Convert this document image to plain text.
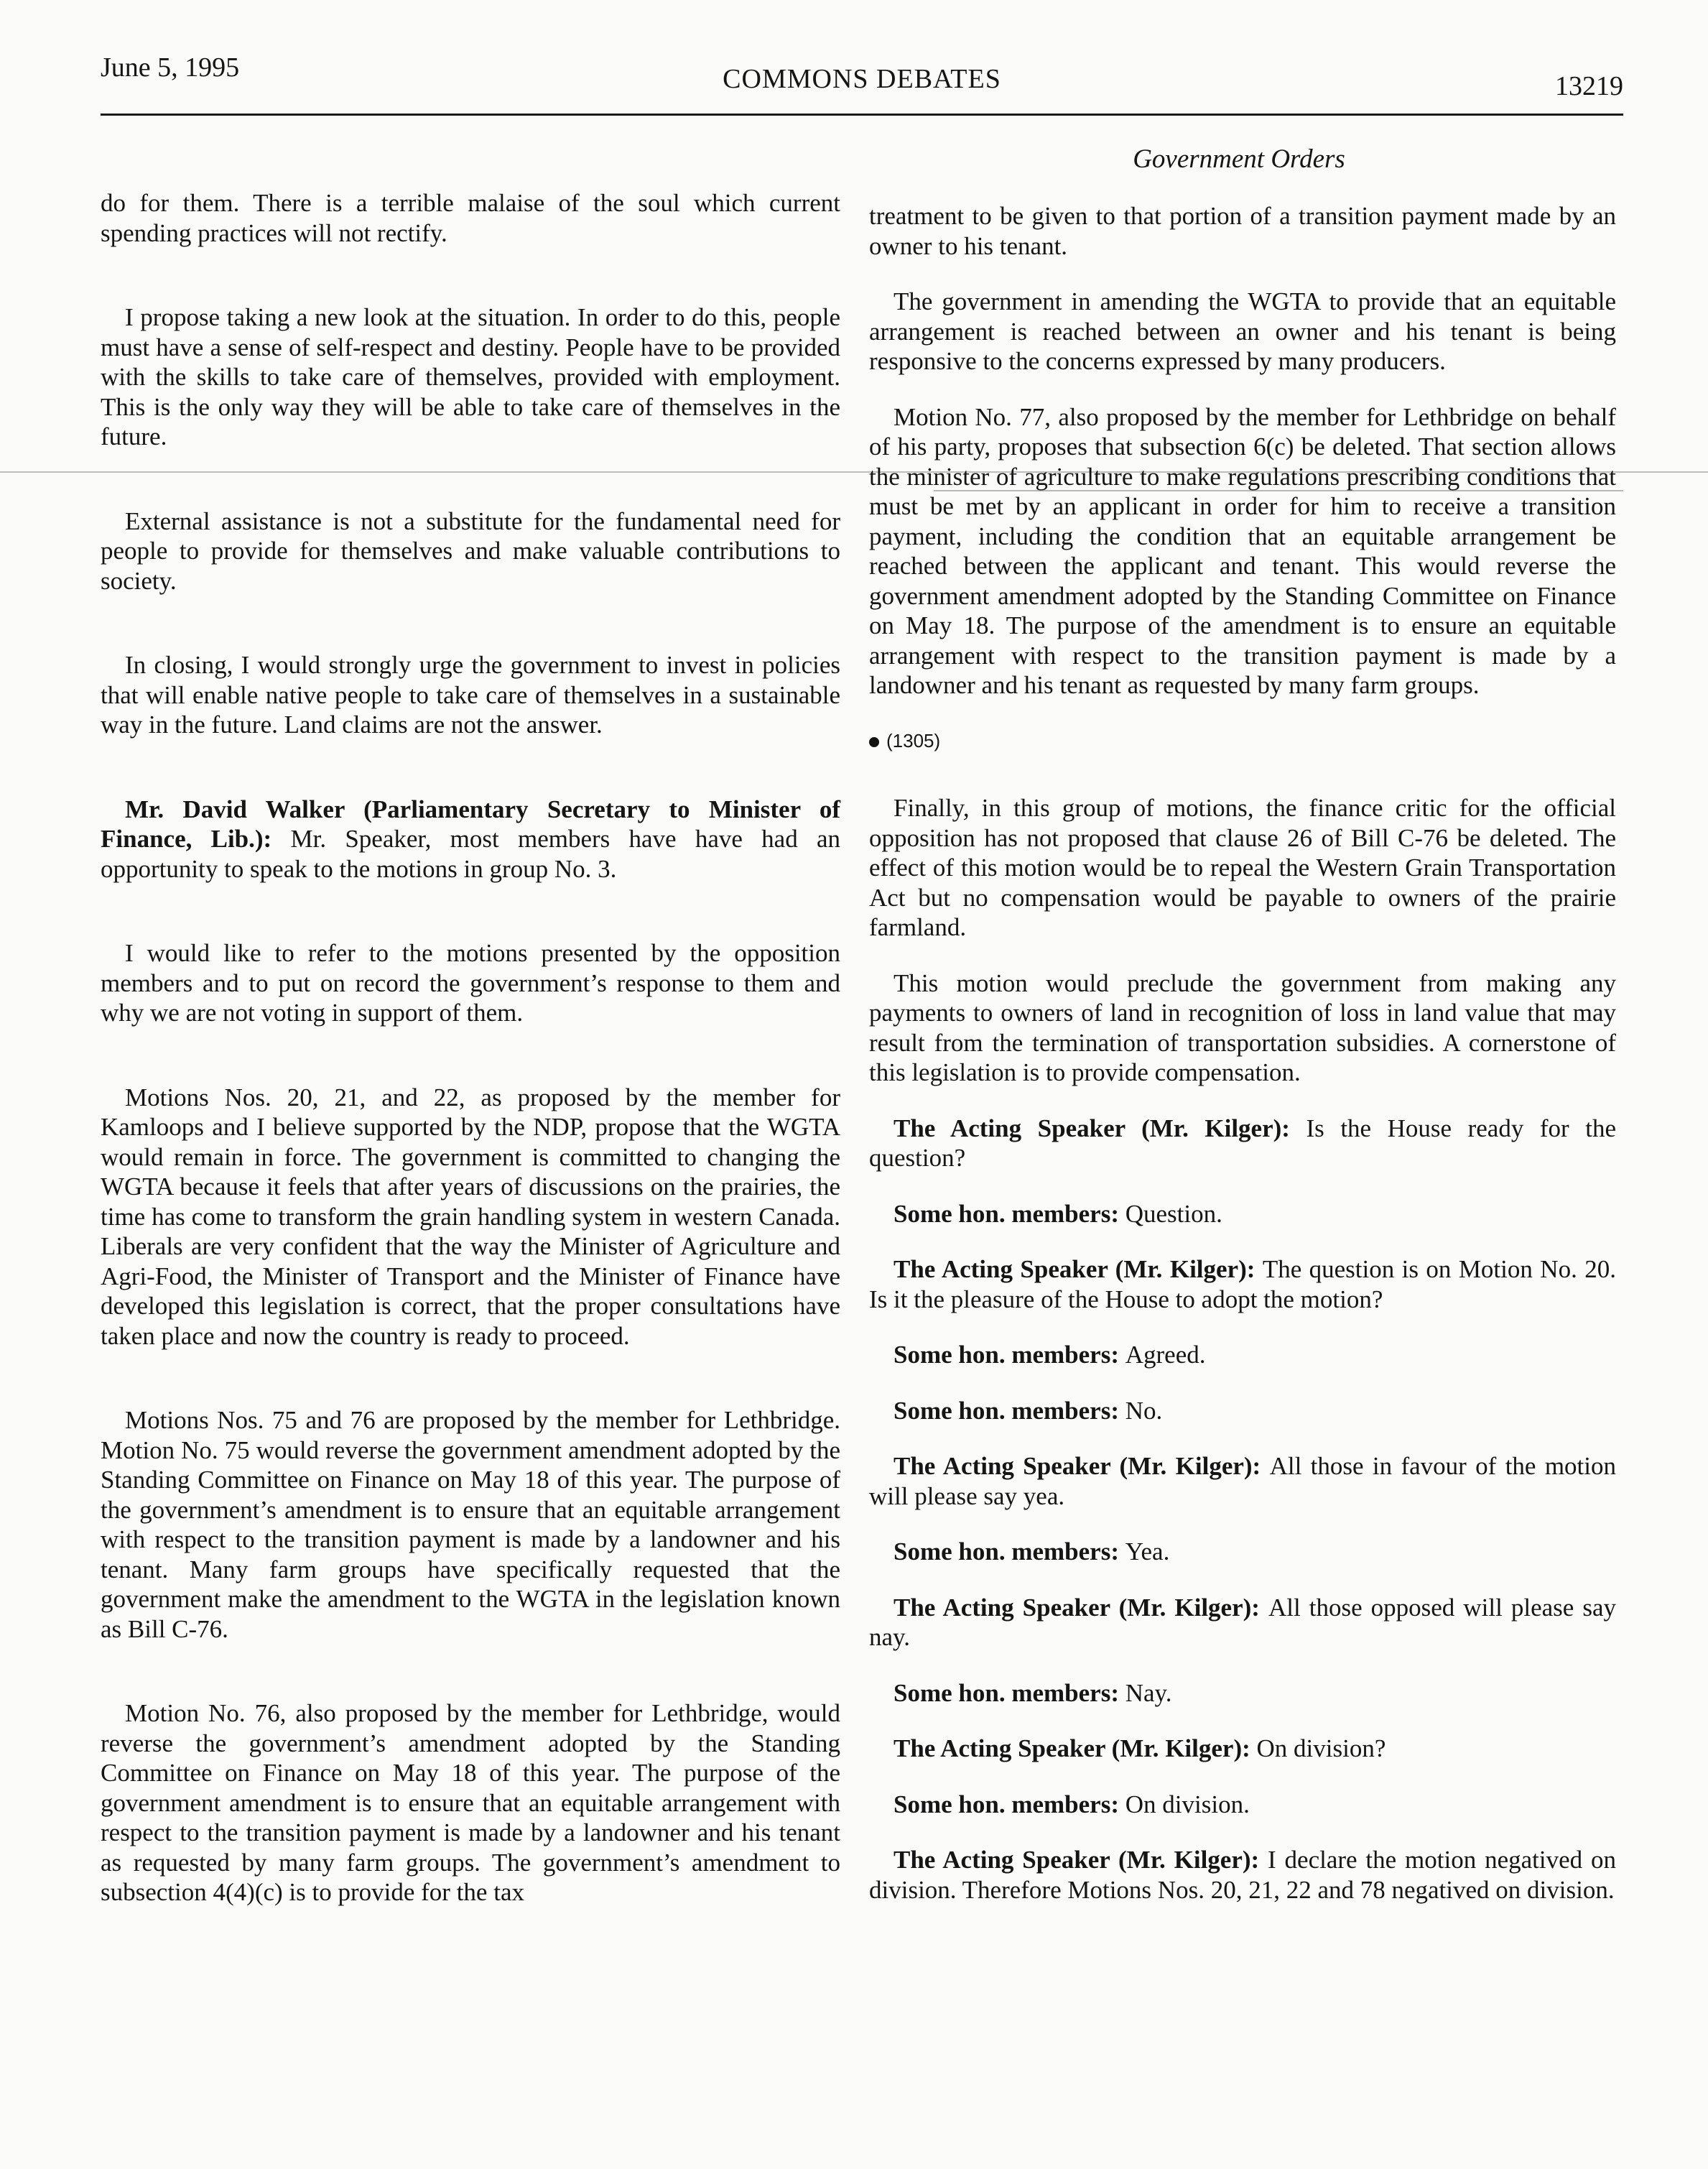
June 5, 1995	COMMONS DEBATES	13219
Government Orders

do for them. There is a terrible malaise of the soul which current spending practices will not rectify.

I propose taking a new look at the situation. In order to do this, people must have a sense of self-respect and destiny. People have to be provided with the skills to take care of themselves, provided with employment. This is the only way they will be able to take care of themselves in the future.

External assistance is not a substitute for the fundamental need for people to provide for themselves and make valuable contributions to society.

In closing, I would strongly urge the government to invest in policies that will enable native people to take care of themselves in a sustainable way in the future. Land claims are not the answer.

Mr. David Walker (Parliamentary Secretary to Minister of Finance, Lib.): Mr. Speaker, most members have have had an opportunity to speak to the motions in group No. 3.

I would like to refer to the motions presented by the opposition members and to put on record the government’s response to them and why we are not voting in support of them.

Motions Nos. 20, 21, and 22, as proposed by the member for Kamloops and I believe supported by the NDP, propose that the WGTA would remain in force. The government is committed to changing the WGTA because it feels that after years of discussions on the prairies, the time has come to transform the grain handling system in western Canada. Liberals are very confident that the way the Minister of Agriculture and Agri-Food, the Minister of Transport and the Minister of Finance have developed this legislation is correct, that the proper consultations have taken place and now the country is ready to proceed.

Motions Nos. 75 and 76 are proposed by the member for Lethbridge. Motion No. 75 would reverse the government amendment adopted by the Standing Committee on Finance on May 18 of this year. The purpose of the government’s amendment is to ensure that an equitable arrangement with respect to the transition payment is made by a landowner and his tenant. Many farm groups have specifically requested that the government make the amendment to the WGTA in the legislation known as Bill C-76.

Motion No. 76, also proposed by the member for Lethbridge, would reverse the government’s amendment adopted by the Standing Committee on Finance on May 18 of this year. The purpose of the government amendment is to ensure that an equitable arrangement with respect to the transition payment is made by a landowner and his tenant as requested by many farm groups. The government’s amendment to subsection 4(4)(c) is to provide for the tax

treatment to be given to that portion of a transition payment made by an owner to his tenant.

The government in amending the WGTA to provide that an equitable arrangement is reached between an owner and his tenant is being responsive to the concerns expressed by many producers.

Motion No. 77, also proposed by the member for Lethbridge on behalf of his party, proposes that subsection 6(c) be deleted. That section allows the minister of agriculture to make regulations prescribing conditions that must be met by an applicant in order for him to receive a transition payment, including the condition that an equitable arrangement be reached between the applicant and tenant. This would reverse the government amendment adopted by the Standing Committee on Finance on May 18. The purpose of the amendment is to ensure an equitable arrangement with respect to the transition payment is made by a landowner and his tenant as requested by many farm groups.

(1305)

Finally, in this group of motions, the finance critic for the official opposition has not proposed that clause 26 of Bill C-76 be deleted. The effect of this motion would be to repeal the Western Grain Transportation Act but no compensation would be payable to owners of the prairie farmland.

This motion would preclude the government from making any payments to owners of land in recognition of loss in land value that may result from the termination of transportation subsidies. A cornerstone of this legislation is to provide compensation.

The Acting Speaker (Mr. Kilger): Is the House ready for the question?

Some hon. members: Question.

The Acting Speaker (Mr. Kilger): The question is on Motion No. 20. Is it the pleasure of the House to adopt the motion?

Some hon. members: Agreed.

Some hon. members: No.

The Acting Speaker (Mr. Kilger): All those in favour of the motion will please say yea.

Some hon. members: Yea.

The Acting Speaker (Mr. Kilger): All those opposed will please say nay.

Some hon. members: Nay.

The Acting Speaker (Mr. Kilger): On division?

Some hon. members: On division.

The Acting Speaker (Mr. Kilger): I declare the motion negatived on division. Therefore Motions Nos. 20, 21, 22 and 78 negatived on division.
